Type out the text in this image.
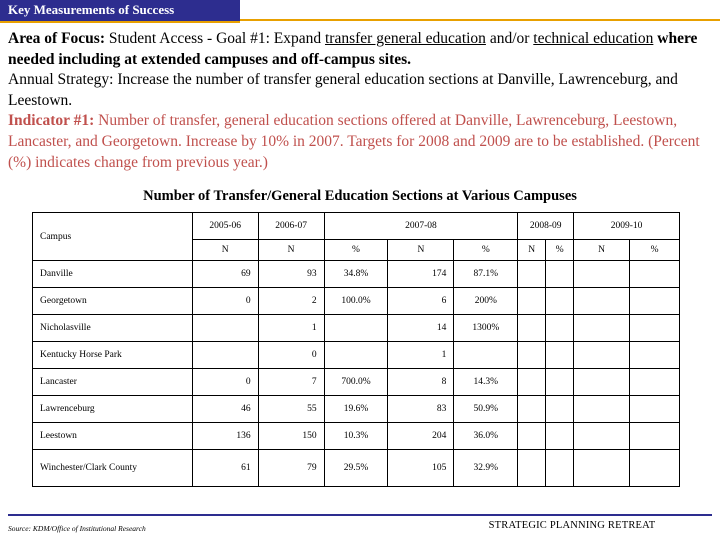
Key Measurements of Success
Area of Focus: Student Access - Goal #1: Expand transfer general education and/or technical education where needed including at extended campuses and off-campus sites.
Annual Strategy: Increase the number of transfer general education sections at Danville, Lawrenceburg, and Leestown.
Indicator #1: Number of transfer, general education sections offered at Danville, Lawrenceburg, Leestown, Lancaster, and Georgetown. Increase by 10% in 2007. Targets for 2008 and 2009 are to be established. (Percent (%) indicates change from previous year.)
Number of Transfer/General Education Sections at Various Campuses
Campus	2005-06	2006-07	2007-08			2008-09		2009-10	
	N	N	%	N	%	N	%	N	%
Danville	69	93	34.8%	174	87.1%				
Georgetown	0	2	100.0%	6	200%				
Nicholasville		1		14	1300%				
Kentucky Horse Park		0		1					
Lancaster	0	7	700.0%	8	14.3%				
Lawrenceburg	46	55	19.6%	83	50.9%				
Leestown	136	150	10.3%	204	36.0%				
Winchester/Clark County	61	79	29.5%	105	32.9%				
Source: KDM/Office of Institutional Research	STRATEGIC PLANNING RETREAT
